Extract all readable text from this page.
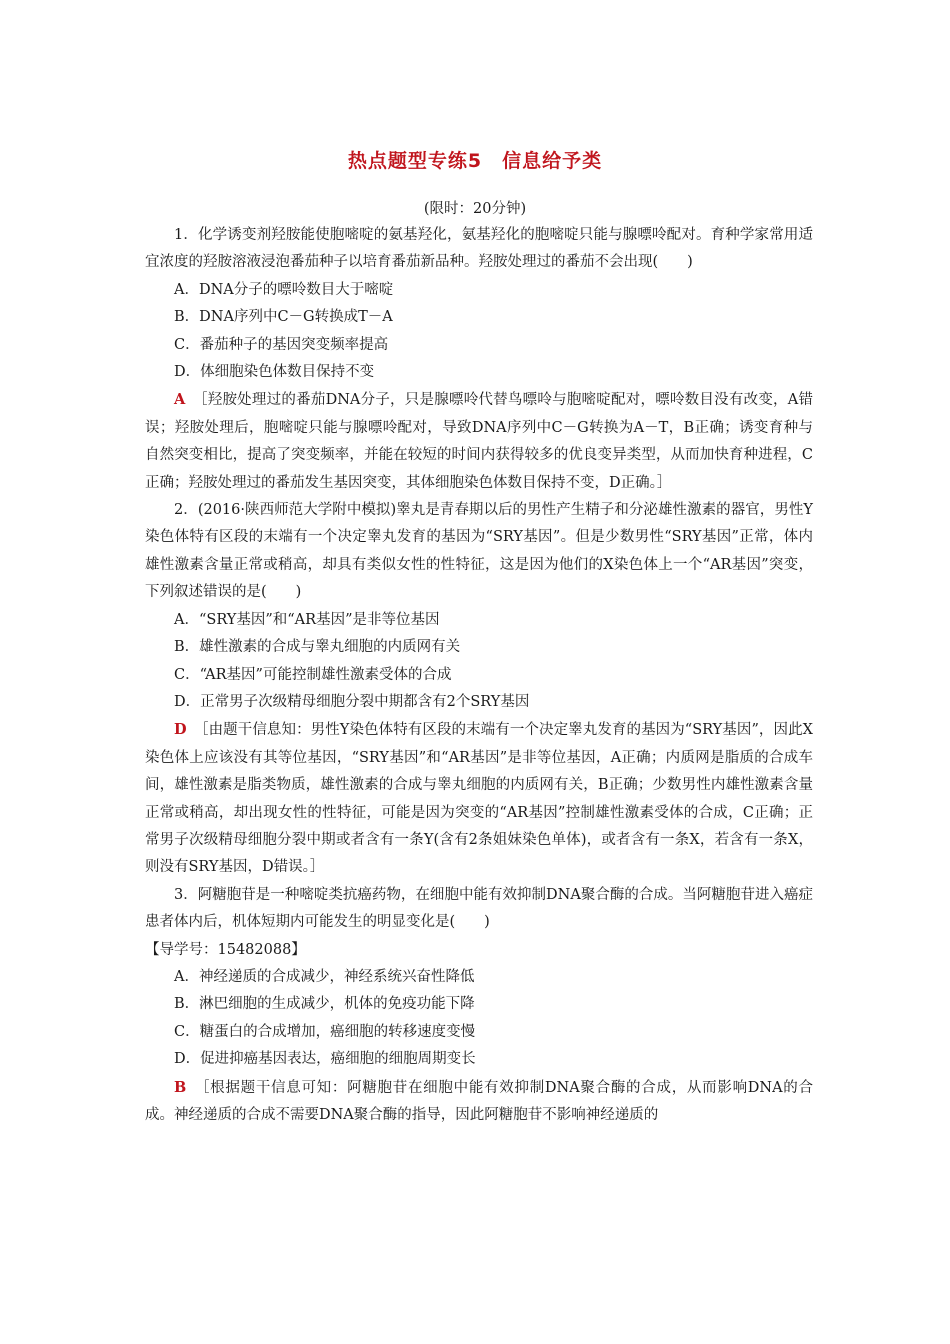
热点题型专练5　信息给予类
(限时：20分钟)

1．化学诱变剂羟胺能使胞嘧啶的氨基羟化，氨基羟化的胞嘧啶只能与腺嘌呤配对。育种学家常用适宜浓度的羟胺溶液浸泡番茄种子以培育番茄新品种。羟胺处理过的番茄不会出现(　　)

A．DNA分子的嘌呤数目大于嘧啶

B．DNA序列中C－G转换成T－A

C．番茄种子的基因突变频率提高

D．体细胞染色体数目保持不变

A　 ［羟胺处理过的番茄DNA分子，只是腺嘌呤代替鸟嘌呤与胞嘧啶配对，嘌呤数目没有改变，A错误；羟胺处理后，胞嘧啶只能与腺嘌呤配对，导致DNA序列中C－G转换为A－T，B正确；诱变育种与自然突变相比，提高了突变频率，并能在较短的时间内获得较多的优良变异类型，从而加快育种进程，C正确；羟胺处理过的番茄发生基因突变，其体细胞染色体数目保持不变，D正确。］

2．(2016·陕西师范大学附中模拟)睾丸是青春期以后的男性产生精子和分泌雄性激素的器官，男性Y染色体特有区段的末端有一个决定睾丸发育的基因为“SRY基因”。但是少数男性“SRY基因”正常，体内雄性激素含量正常或稍高，却具有类似女性的性特征，这是因为他们的X染色体上一个“AR基因”突变，下列叙述错误的是(　　)

A．“SRY基因”和“AR基因”是非等位基因

B．雄性激素的合成与睾丸细胞的内质网有关

C．“AR基因”可能控制雄性激素受体的合成

D．正常男子次级精母细胞分裂中期都含有2个SRY基因

D　 ［由题干信息知：男性Y染色体特有区段的末端有一个决定睾丸发育的基因为“SRY基因”，因此X染色体上应该没有其等位基因，“SRY基因”和“AR基因”是非等位基因，A正确；内质网是脂质的合成车间，雄性激素是脂类物质，雄性激素的合成与睾丸细胞的内质网有关，B正确；少数男性内雄性激素含量正常或稍高，却出现女性的性特征，可能是因为突变的“AR基因”控制雄性激素受体的合成，C正确；正常男子次级精母细胞分裂中期或者含有一条Y(含有2条姐妹染色单体)，或者含有一条X，若含有一条X，则没有SRY基因，D错误。］

3．阿糖胞苷是一种嘧啶类抗癌药物，在细胞中能有效抑制DNA聚合酶的合成。当阿糖胞苷进入癌症患者体内后，机体短期内可能发生的明显变化是(　　)

【导学号：15482088】

A．神经递质的合成减少，神经系统兴奋性降低

B．淋巴细胞的生成减少，机体的免疫功能下降

C．糖蛋白的合成增加，癌细胞的转移速度变慢

D．促进抑癌基因表达，癌细胞的细胞周期变长

B　 ［根据题干信息可知：阿糖胞苷在细胞中能有效抑制DNA聚合酶的合成，从而影响DNA的合成。神经递质的合成不需要DNA聚合酶的指导，因此阿糖胞苷不影响神经递质的
